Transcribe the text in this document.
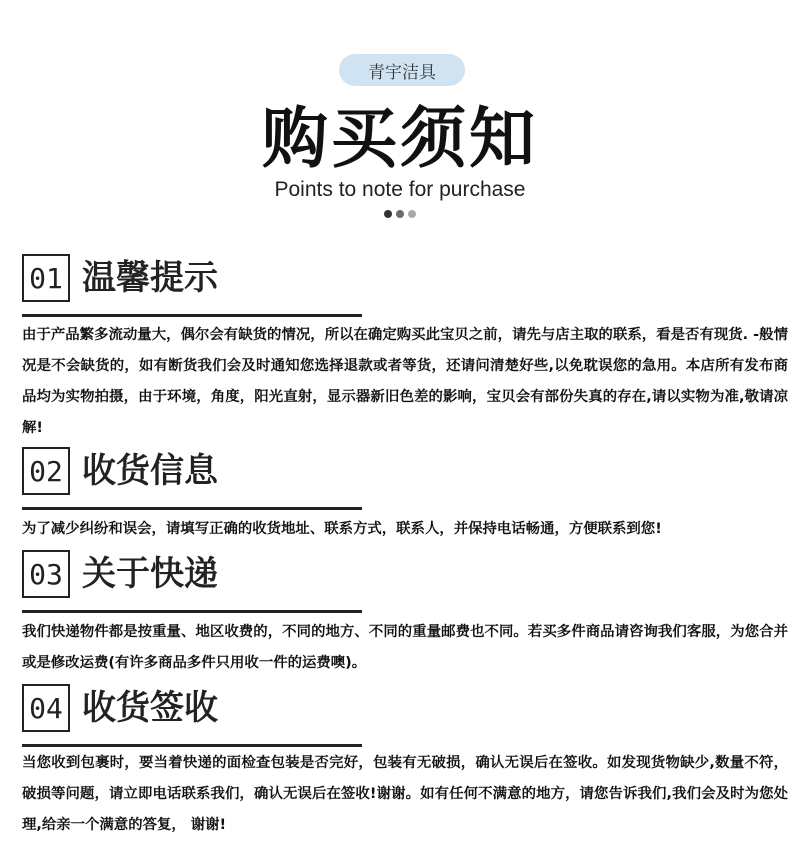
青宇洁具
购买须知
Points to note for purchase
01 温馨提示

由于产品繁多流动量大，偶尔会有缺货的情况，所以在确定购买此宝贝之前，请先与店主取的联系，看是否有现货. -般情况是不会缺货的，如有断货我们会及时通知您选择退款或者等货，还请问清楚好些,以免耽误您的急用。本店所有发布商品均为实物拍摄，由于环境，角度，阳光直射，显示器新旧色差的影响，宝贝会有部份失真的存在,请以实物为准,敬请凉解!

02 收货信息

为了减少纠纷和误会，请填写正确的收货地址、联系方式，联系人，并保持电话畅通，方便联系到您!

03 关于快递

我们快递物件都是按重量、地区收费的，不同的地方、不同的重量邮费也不同。若买多件商品请咨询我们客服，为您合并或是修改运费(有许多商品多件只用收一件的运费噢)。

04 收货签收

当您收到包裹时，要当着快递的面检查包装是否完好，包装有无破损，确认无误后在签收。如发现货物缺少,数量不符，破损等问题，请立即电话联系我们，确认无误后在签收!谢谢。如有任何不满意的地方，请您告诉我们,我们会及时为您处理,给亲一个满意的答复， 谢谢!
